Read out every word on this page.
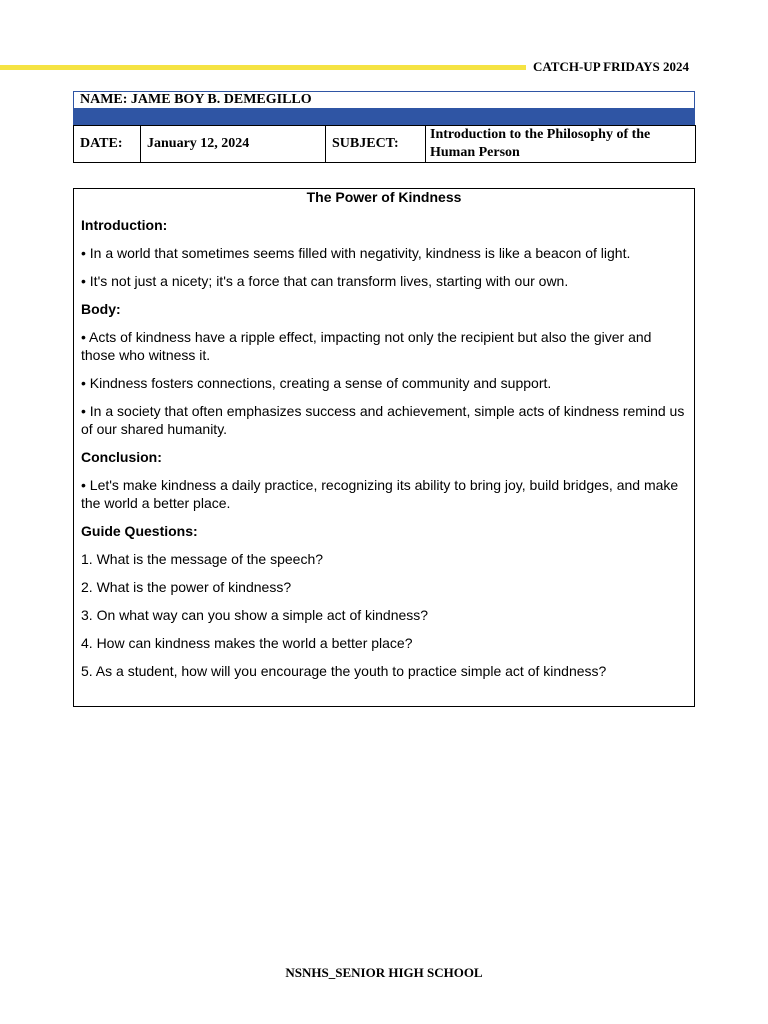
CATCH-UP FRIDAYS 2024
NAME: JAME BOY B. DEMEGILLO
DATE:	January 12, 2024	SUBJECT:	Introduction to the Philosophy of the Human Person

The Power of Kindness

Introduction:

• In a world that sometimes seems filled with negativity, kindness is like a beacon of light.

• It's not just a nicety; it's a force that can transform lives, starting with our own.

Body:

• Acts of kindness have a ripple effect, impacting not only the recipient but also the giver and those who witness it.

• Kindness fosters connections, creating a sense of community and support.

• In a society that often emphasizes success and achievement, simple acts of kindness remind us of our shared humanity.

Conclusion:

• Let's make kindness a daily practice, recognizing its ability to bring joy, build bridges, and make the world a better place.

Guide Questions:

1. What is the message of the speech?

2. What is the power of kindness?

3. On what way can you show a simple act of kindness?

4. How can kindness makes the world a better place?

5. As a student, how will you encourage the youth to practice simple act of kindness?

NSNHS_SENIOR HIGH SCHOOL
